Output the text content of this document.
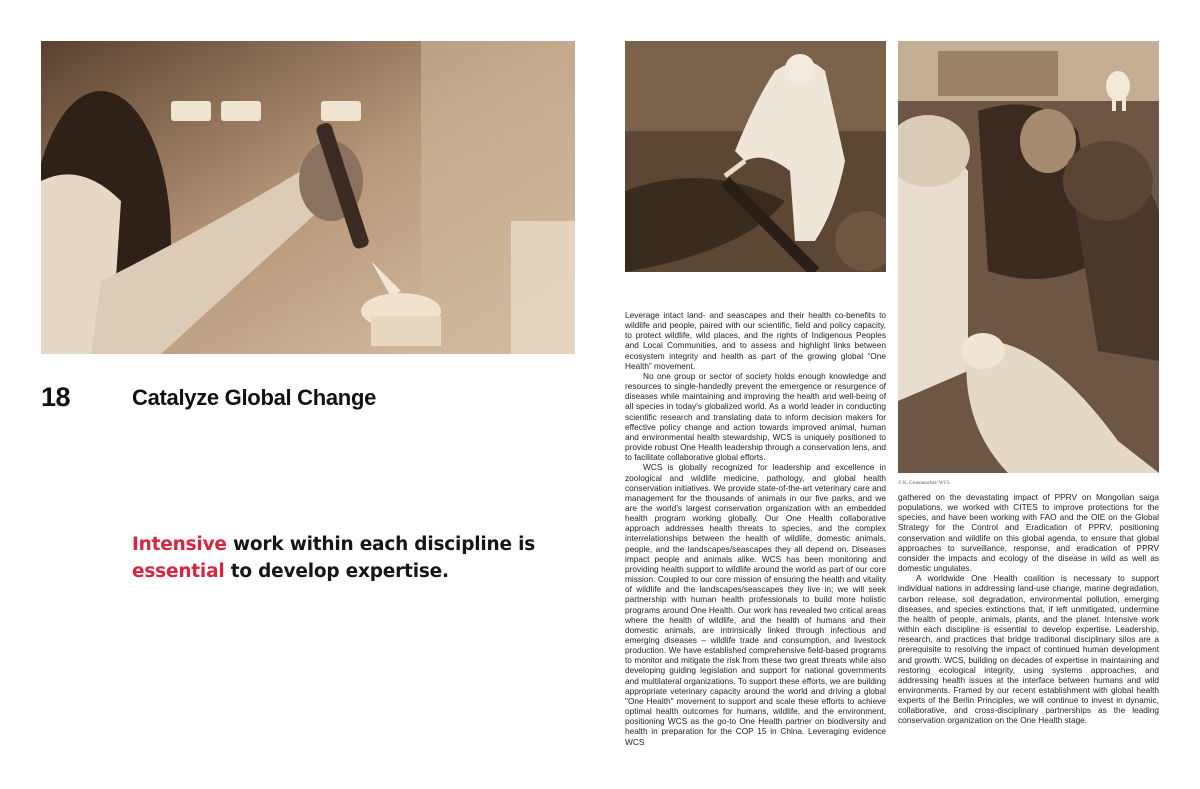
18	Catalyze Global Change
Intensive work within each discipline is essential to develop expertise.

Leverage intact land- and seascapes and their health co-benefits to wildlife and people, paired with our scientific, field and policy capacity, to protect wildlife, wild places, and the rights of Indigenous Peoples and Local Communities, and to assess and highlight links between ecosystem integrity and health as part of the growing global “One Health” movement.

No one group or sector of society holds enough knowledge and resources to single-handedly prevent the emergence or resurgence of diseases while maintaining and improving the health and well-being of all species in today’s globalized world. As a world leader in conducting scientific research and translating data to inform decision makers for effective policy change and action towards improved animal, human and environmental health stewardship, WCS is uniquely positioned to provide robust One Health leadership through a conservation lens, and to facilitate collaborative global efforts.

WCS is globally recognized for leadership and excellence in zoological and wildlife medicine, pathology, and global health conservation initiatives. We provide state-of-the-art veterinary care and management for the thousands of animals in our five parks, and we are the world’s largest conservation organization with an embedded health program working globally. Our One Health collaborative approach addresses health threats to species, and the complex interrelationships between the health of wildlife, domestic animals, people, and the landscapes/seascapes they all depend on. Diseases impact people and animals alike. WCS has been monitoring and providing health support to wildlife around the world as part of our core mission. Coupled to our core mission of ensuring the health and vitality of wildlife and the landscapes/seascapes they live in; we will seek partnership with human health professionals to build more holistic programs around One Health. Our work has revealed two critical areas where the health of wildlife, and the health of humans and their domestic animals, are intrinsically linked through infectious and emerging diseases – wildlife trade and consumption, and livestock production. We have established comprehensive field-based programs to monitor and mitigate the risk from these two great threats while also developing guiding legislation and support for national governments and multilateral organizations. To support these efforts, we are building appropriate veterinary capacity around the world and driving a global "One Health" movement to support and scale these efforts to achieve optimal health outcomes for humans, wildlife, and the environment, positioning WCS as the go-to One Health partner on biodiversity and health in preparation for the COP 15 in China. Leveraging evidence WCS

© K. Gruenmacher/ WCS

gathered on the devastating impact of PPRV on Mongolian saiga populations, we worked with CITES to improve protections for the species, and have been working with FAO and the OIE on the Global Strategy for the Control and Eradication of PPRV, positioning conservation and wildlife on this global agenda, to ensure that global approaches to surveillance, response, and eradication of PPRV consider the impacts and ecology of the disease in wild as well as domestic ungulates.

A worldwide One Health coalition is necessary to support individual nations in addressing land-use change, marine degradation, carbon release, soil degradation, environmental pollution, emerging diseases, and species extinctions that, if left unmitigated, undermine the health of people, animals, plants, and the planet. Intensive work within each discipline is essential to develop expertise. Leadership, research, and practices that bridge traditional disciplinary silos are a prerequisite to resolving the impact of continued human development and growth. WCS, building on decades of expertise in maintaining and restoring ecological integrity, using systems approaches, and addressing health issues at the interface between humans and wild environments. Framed by our recent establishment with global health experts of the Berlin Principles, we will continue to invest in dynamic, collaborative, and cross-disciplinary partnerships as the leading conservation organization on the One Health stage.
